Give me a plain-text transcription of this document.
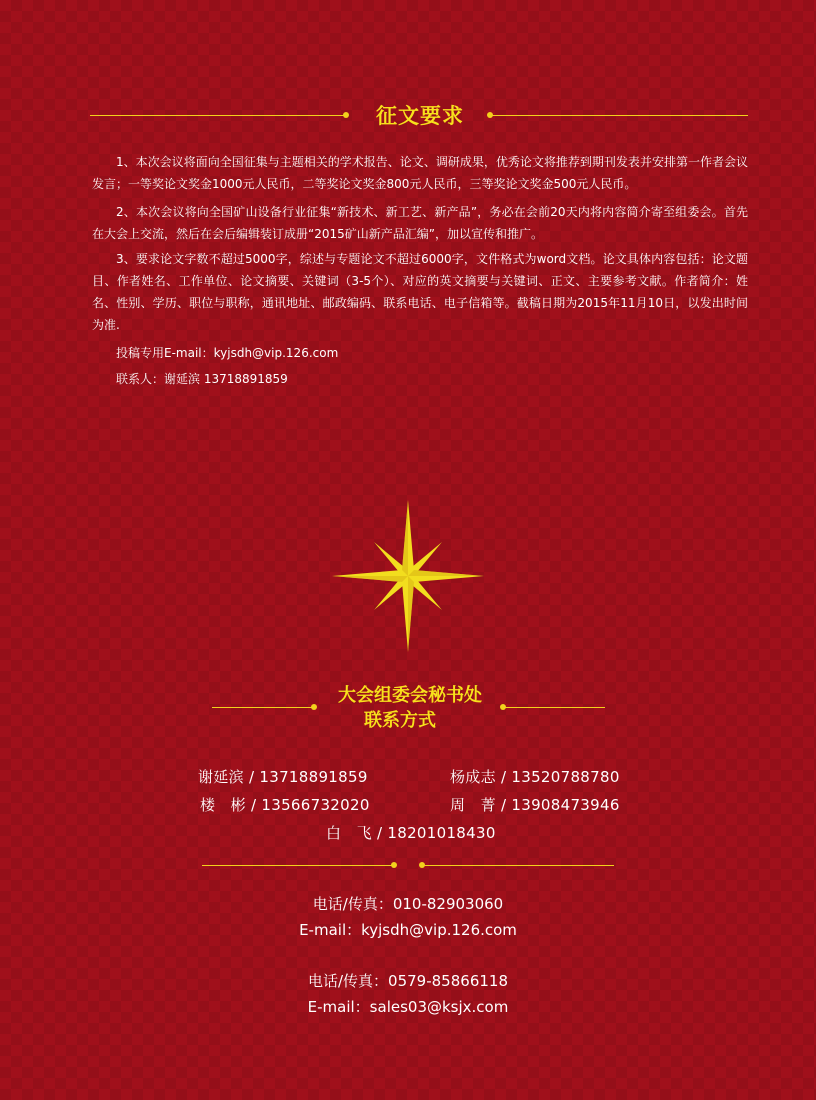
征文要求

1、本次会议将面向全国征集与主题相关的学术报告、论文、调研成果，优秀论文将推荐到期刊发表并安排第一作者会议发言；一等奖论文奖金1000元人民币，二等奖论文奖金800元人民币，三等奖论文奖金500元人民币。

2、本次会议将向全国矿山设备行业征集“新技术、新工艺、新产品”，务必在会前20天内将内容简介寄至组委会。首先在大会上交流，然后在会后编辑装订成册“2015矿山新产品汇编”，加以宣传和推广。

3、要求论文字数不超过5000字，综述与专题论文不超过6000字，文件格式为word文档。论文具体内容包括：论文题目、作者姓名、工作单位、论文摘要、关键词（3-5个）、对应的英文摘要与关键词、正文、主要参考文献。作者简介：姓名、性别、学历、职位与职称，通讯地址、邮政编码、联系电话、电子信箱等。截稿日期为2015年11月10日，以发出时间为准.

投稿专用E-mail：kyjsdh@vip.126.com
联系人：谢延滨 13718891859
大会组委会秘书处
联系方式
谢延滨 / 13718891859	杨成志 / 13520788780
楼　彬 / 13566732020	周　菁 / 13908473946
白　飞 / 18201018430
电话/传真：010-82903060
E-mail：kyjsdh@vip.126.com
电话/传真：0579-85866118
E-mail：sales03@ksjx.com
